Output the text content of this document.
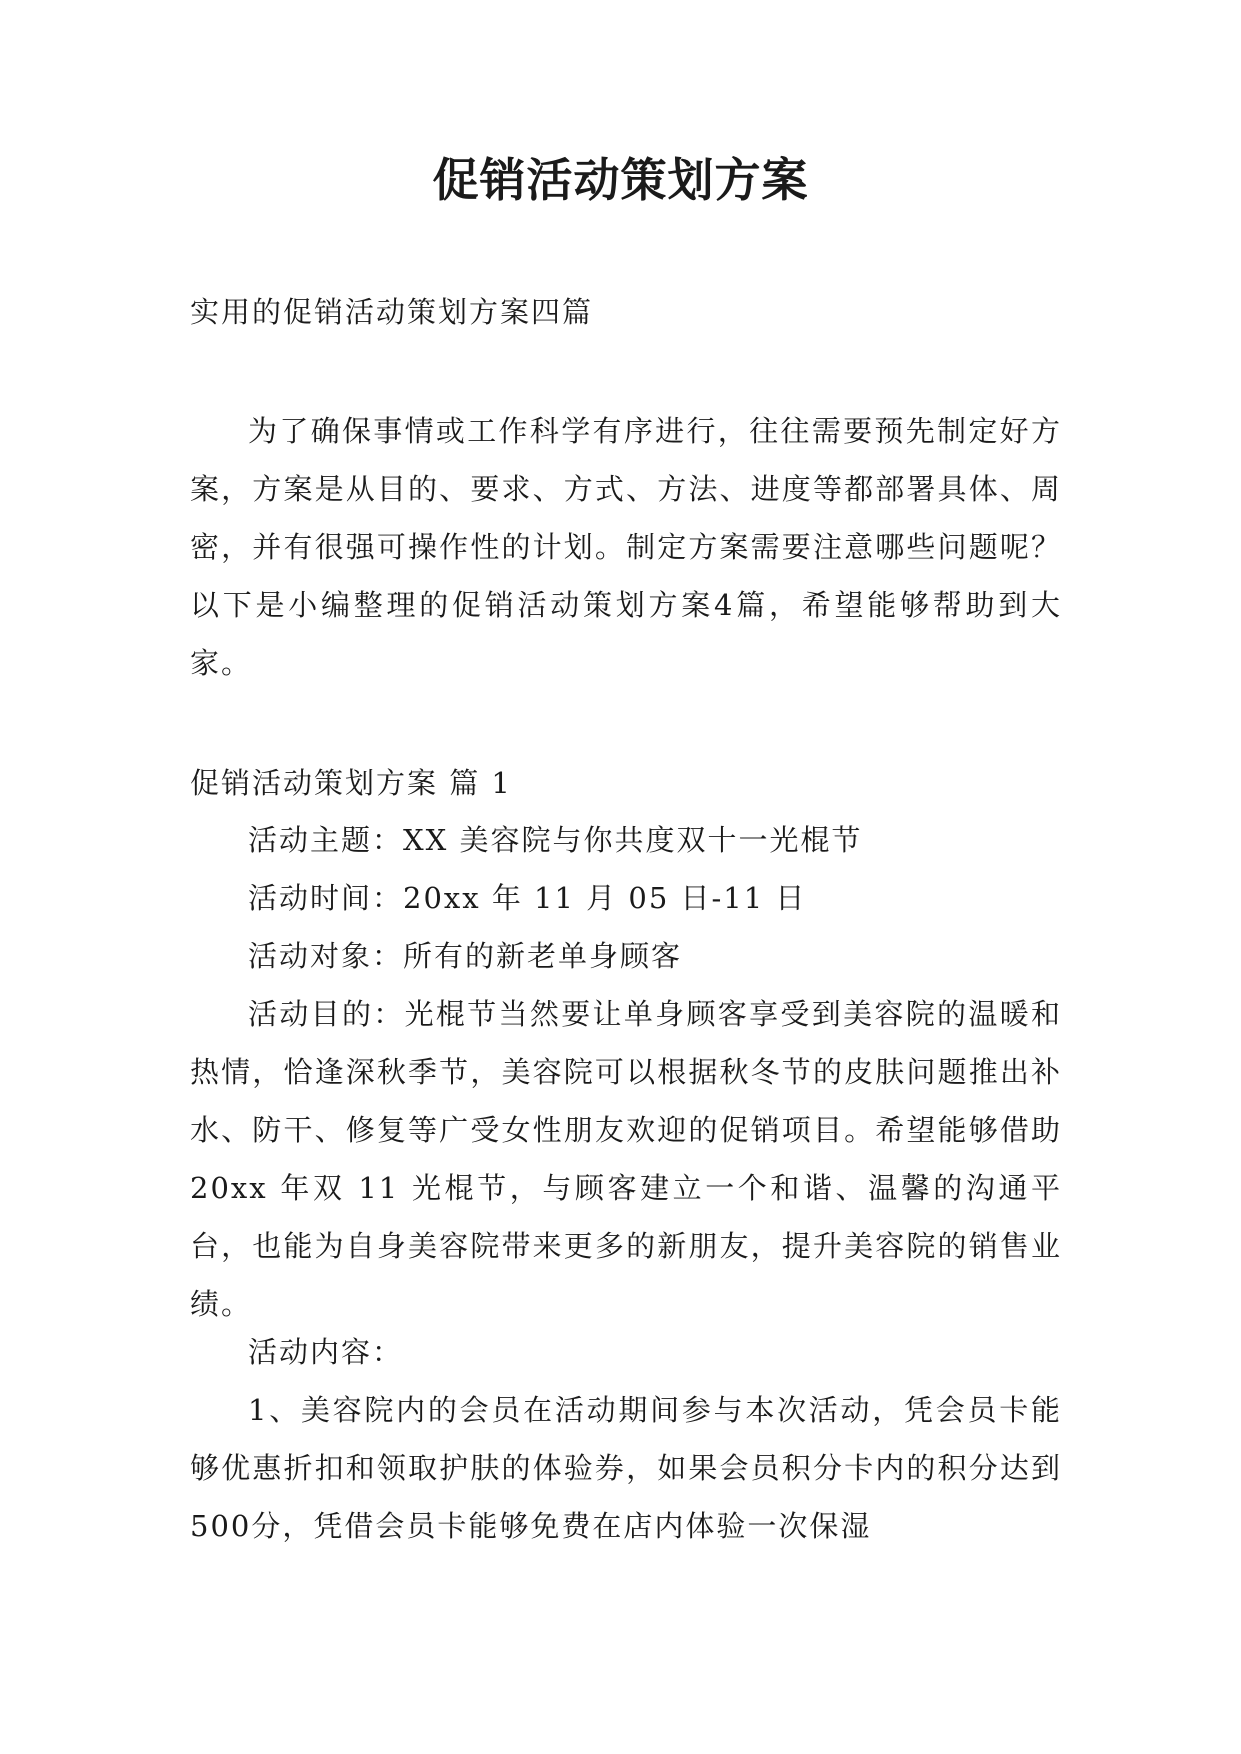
促销活动策划方案

实用的促销活动策划方案四篇

为了确保事情或工作科学有序进行，往往需要预先制定好方案，方案是从目的、要求、方式、方法、进度等都部署具体、周密，并有很强可操作性的计划。制定方案需要注意哪些问题呢？以下是小编整理的促销活动策划方案4篇，希望能够帮助到大家。

促销活动策划方案 篇 1

活动主题：XX 美容院与你共度双十一光棍节

活动时间：20xx 年 11 月 05 日-11 日

活动对象：所有的新老单身顾客

活动目的：光棍节当然要让单身顾客享受到美容院的温暖和热情，恰逢深秋季节，美容院可以根据秋冬节的皮肤问题推出补水、防干、修复等广受女性朋友欢迎的促销项目。希望能够借助 20xx 年双 11 光棍节，与顾客建立一个和谐、温馨的沟通平台，也能为自身美容院带来更多的新朋友，提升美容院的销售业绩。

活动内容：

1、美容院内的会员在活动期间参与本次活动，凭会员卡能够优惠折扣和领取护肤的体验券，如果会员积分卡内的积分达到500分，凭借会员卡能够免费在店内体验一次保湿
